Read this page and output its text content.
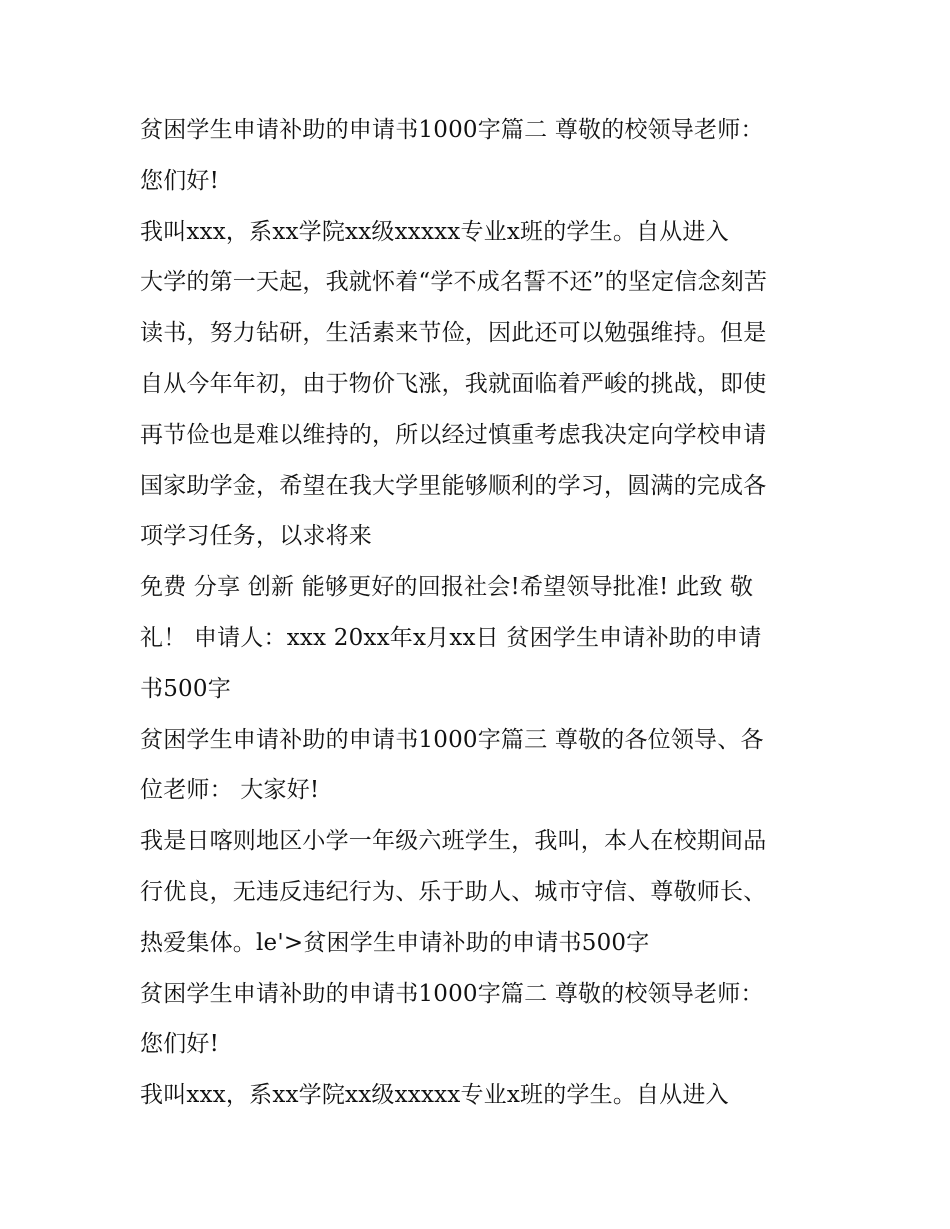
贫困学生申请补助的申请书1000字篇二 尊敬的校领导老师：
您们好!
我叫xxx，系xx学院xx级xxxxx专业x班的学生。自从进入
大学的第一天起，我就怀着“学不成名誓不还”的坚定信念刻苦
读书，努力钻研，生活素来节俭，因此还可以勉强维持。但是
自从今年年初，由于物价飞涨，我就面临着严峻的挑战，即使
再节俭也是难以维持的，所以经过慎重考虑我决定向学校申请
国家助学金，希望在我大学里能够顺利的学习，圆满的完成各
项学习任务，以求将来
免费 分享 创新 能够更好的回报社会!希望领导批准! 此致 敬
礼！ 申请人：xxx 20xx年x月xx日 贫困学生申请补助的申请
书500字
贫困学生申请补助的申请书1000字篇三 尊敬的各位领导、各
位老师： 大家好!
我是日喀则地区小学一年级六班学生，我叫，本人在校期间品
行优良，无违反违纪行为、乐于助人、城市守信、尊敬师长、
热爱集体。le'>贫困学生申请补助的申请书500字
贫困学生申请补助的申请书1000字篇二 尊敬的校领导老师：
您们好!
我叫xxx，系xx学院xx级xxxxx专业x班的学生。自从进入
